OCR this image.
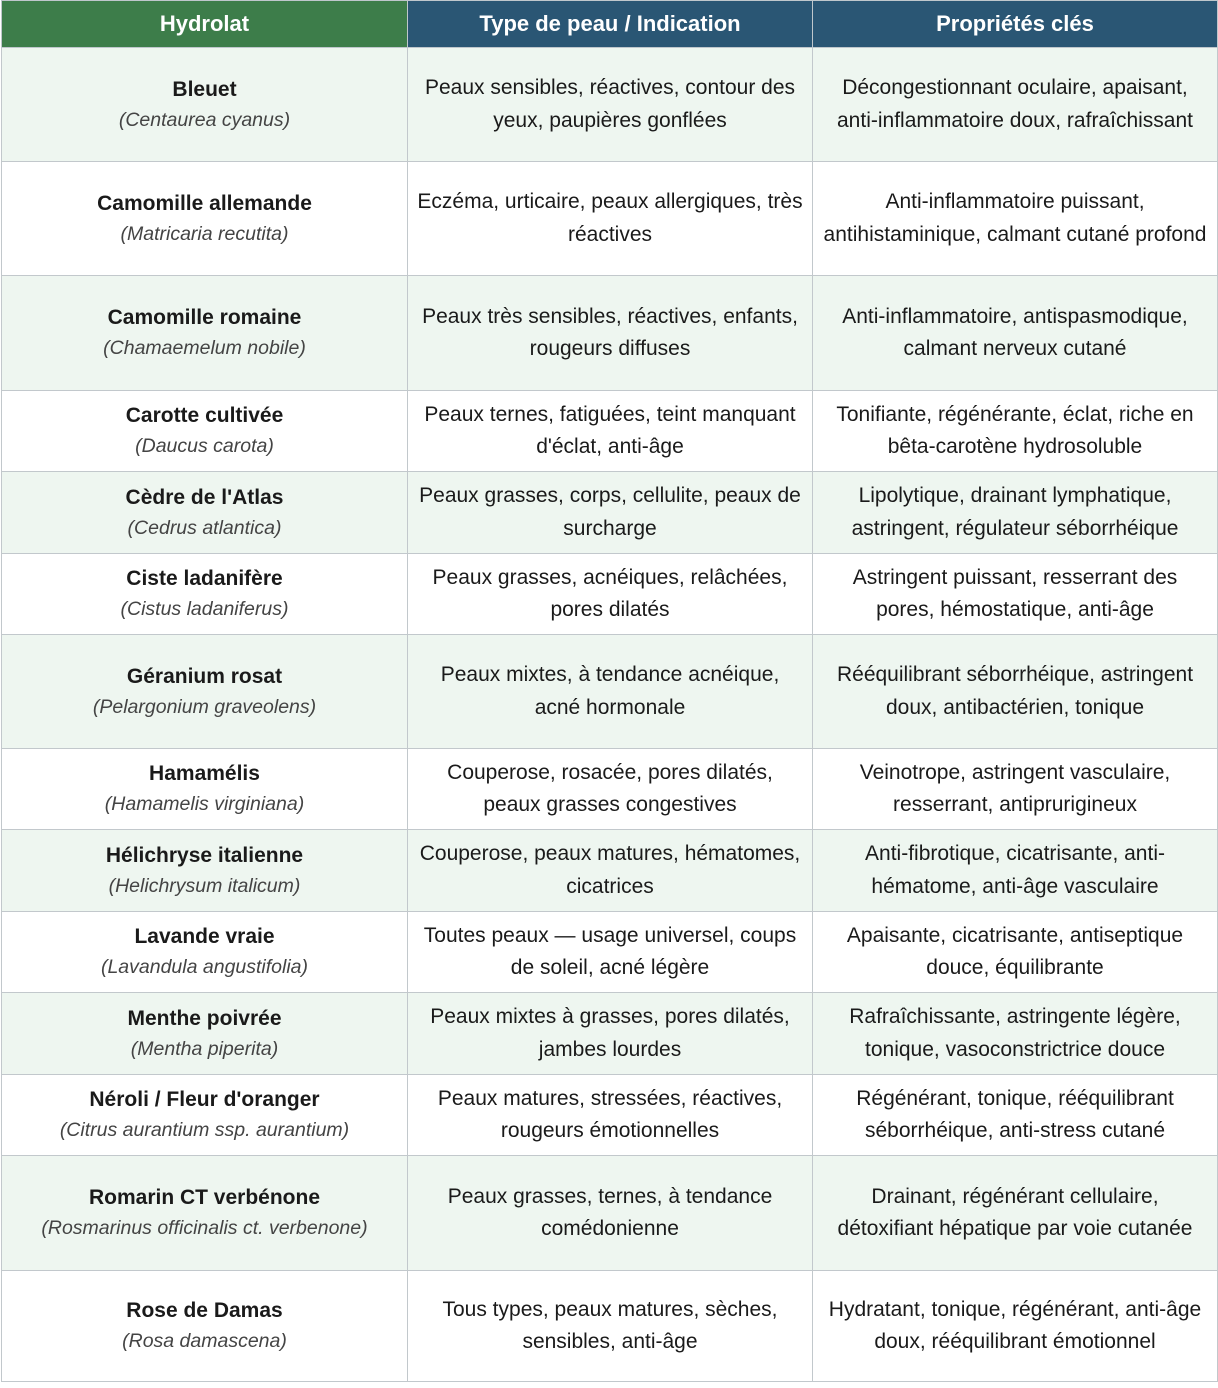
Hydrolat	Type de peau / Indication	Propriétés clés

Bleuet
(Centaurea cyanus)	Peaux sensibles, réactives, contour des yeux, paupières gonflées	Décongestionnant oculaire, apaisant, anti-inflammatoire doux, rafraîchissant

Camomille allemande
(Matricaria recutita)	Eczéma, urticaire, peaux allergiques, très réactives	Anti-inflammatoire puissant, antihistaminique, calmant cutané profond

Camomille romaine
(Chamaemelum nobile)	Peaux très sensibles, réactives, enfants, rougeurs diffuses	Anti-inflammatoire, antispasmodique, calmant nerveux cutané

Carotte cultivée
(Daucus carota)	Peaux ternes, fatiguées, teint manquant d'éclat, anti-âge	Tonifiante, régénérante, éclat, riche en bêta-carotène hydrosoluble

Cèdre de l'Atlas
(Cedrus atlantica)	Peaux grasses, corps, cellulite, peaux de surcharge	Lipolytique, drainant lymphatique, astringent, régulateur séborrhéique

Ciste ladanifère
(Cistus ladaniferus)	Peaux grasses, acnéiques, relâchées, pores dilatés	Astringent puissant, resserrant des pores, hémostatique, anti-âge

Géranium rosat
(Pelargonium graveolens)	Peaux mixtes, à tendance acnéique, acné hormonale	Rééquilibrant séborrhéique, astringent doux, antibactérien, tonique

Hamamélis
(Hamamelis virginiana)	Couperose, rosacée, pores dilatés, peaux grasses congestives	Veinotrope, astringent vasculaire, resserrant, antiprurigineux

Hélichryse italienne
(Helichrysum italicum)	Couperose, peaux matures, hématomes, cicatrices	Anti-fibrotique, cicatrisante, anti-hématome, anti-âge vasculaire

Lavande vraie
(Lavandula angustifolia)	Toutes peaux — usage universel, coups de soleil, acné légère	Apaisante, cicatrisante, antiseptique douce, équilibrante

Menthe poivrée
(Mentha piperita)	Peaux mixtes à grasses, pores dilatés, jambes lourdes	Rafraîchissante, astringente légère, tonique, vasoconstrictrice douce

Néroli / Fleur d'oranger
(Citrus aurantium ssp. aurantium)	Peaux matures, stressées, réactives, rougeurs émotionnelles	Régénérant, tonique, rééquilibrant séborrhéique, anti-stress cutané

Romarin CT verbénone
(Rosmarinus officinalis ct. verbenone)	Peaux grasses, ternes, à tendance comédonienne	Drainant, régénérant cellulaire, détoxifiant hépatique par voie cutanée

Rose de Damas
(Rosa damascena)	Tous types, peaux matures, sèches, sensibles, anti-âge	Hydratant, tonique, régénérant, anti-âge doux, rééquilibrant émotionnel
